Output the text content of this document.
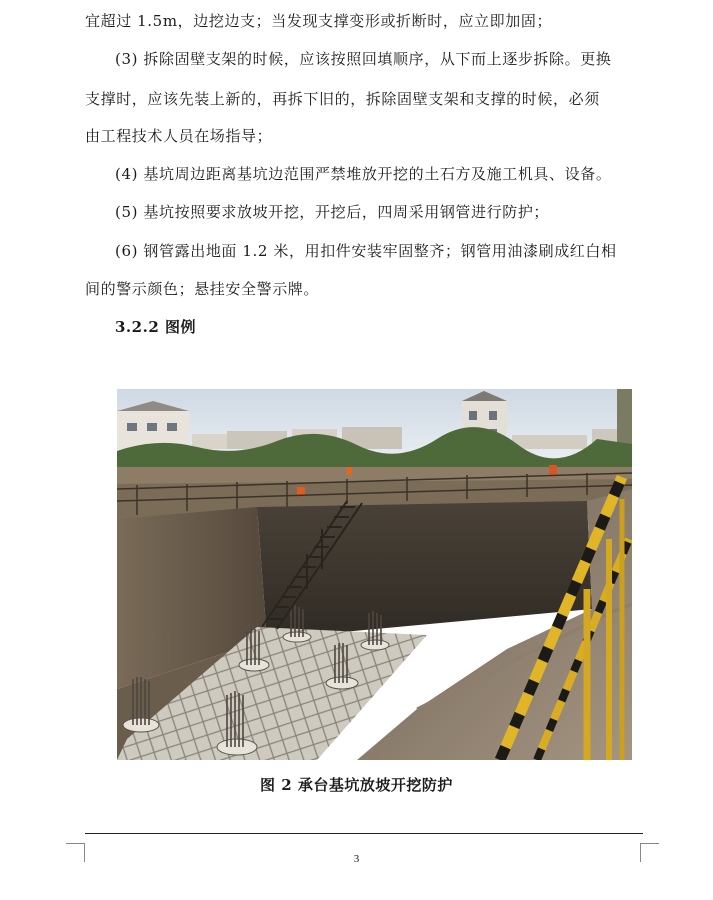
宜超过 1.5m，边挖边支；当发现支撑变形或折断时，应立即加固；
(3) 拆除固壁支架的时候，应该按照回填顺序，从下而上逐步拆除。更换
支撑时，应该先装上新的，再拆下旧的，拆除固壁支架和支撑的时候，必须
由工程技术人员在场指导；
(4) 基坑周边距离基坑边范围严禁堆放开挖的土石方及施工机具、设备。
(5) 基坑按照要求放坡开挖，开挖后，四周采用钢管进行防护；
(6) 钢管露出地面 1.2 米，用扣件安装牢固整齐；钢管用油漆刷成红白相
间的警示颜色；悬挂安全警示牌。
3.2.2 图例
图 2 承台基坑放坡开挖防护
3
